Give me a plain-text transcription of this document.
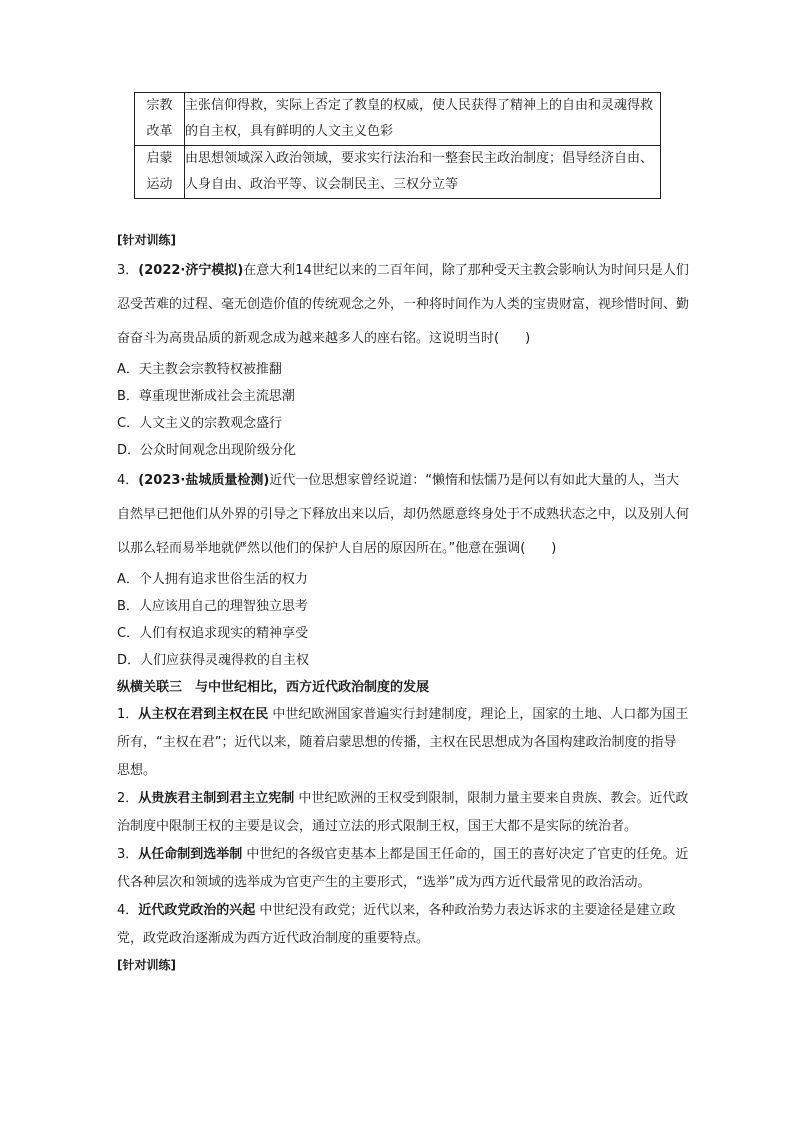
宗教
改革	主张信仰得救，实际上否定了教皇的权威，使人民获得了精神上的自由和灵魂得救的自主权，具有鲜明的人文主义色彩

启蒙
运动	由思想领域深入政治领域，要求实行法治和一整套民主政治制度；倡导经济自由、人身自由、政治平等、议会制民主、三权分立等
[针对训练]
3．(2022·济宁模拟)在意大利14世纪以来的二百年间，除了那种受天主教会影响认为时间只是人们忍受苦难的过程、毫无创造价值的传统观念之外，一种将时间作为人类的宝贵财富，视珍惜时间、勤奋奋斗为高贵品质的新观念成为越来越多人的座右铭。这说明当时(　　)
A．天主教会宗教特权被推翻
B．尊重现世渐成社会主流思潮
C．人文主义的宗教观念盛行
D．公众时间观念出现阶级分化
4．(2023·盐城质量检测)近代一位思想家曾经说道：“懒惰和怯懦乃是何以有如此大量的人，当大自然早已把他们从外界的引导之下释放出来以后，却仍然愿意终身处于不成熟状态之中，以及别人何以那么轻而易举地就俨然以他们的保护人自居的原因所在。”他意在强调(　　)
A．个人拥有追求世俗生活的权力
B．人应该用自己的理智独立思考
C．人们有权追求现实的精神享受
D．人们应获得灵魂得救的自主权
纵横关联三　与中世纪相比，西方近代政治制度的发展
1．从主权在君到主权在民 中世纪欧洲国家普遍实行封建制度，理论上，国家的土地、人口都为国王所有，“主权在君”；近代以来，随着启蒙思想的传播，主权在民思想成为各国构建政治制度的指导思想。
2．从贵族君主制到君主立宪制 中世纪欧洲的王权受到限制，限制力量主要来自贵族、教会。近代政治制度中限制王权的主要是议会，通过立法的形式限制王权，国王大都不是实际的统治者。
3．从任命制到选举制 中世纪的各级官吏基本上都是国王任命的，国王的喜好决定了官吏的任免。近代各种层次和领域的选举成为官吏产生的主要形式，“选举”成为西方近代最常见的政治活动。
4．近代政党政治的兴起 中世纪没有政党；近代以来，各种政治势力表达诉求的主要途径是建立政党，政党政治逐渐成为西方近代政治制度的重要特点。
[针对训练]
